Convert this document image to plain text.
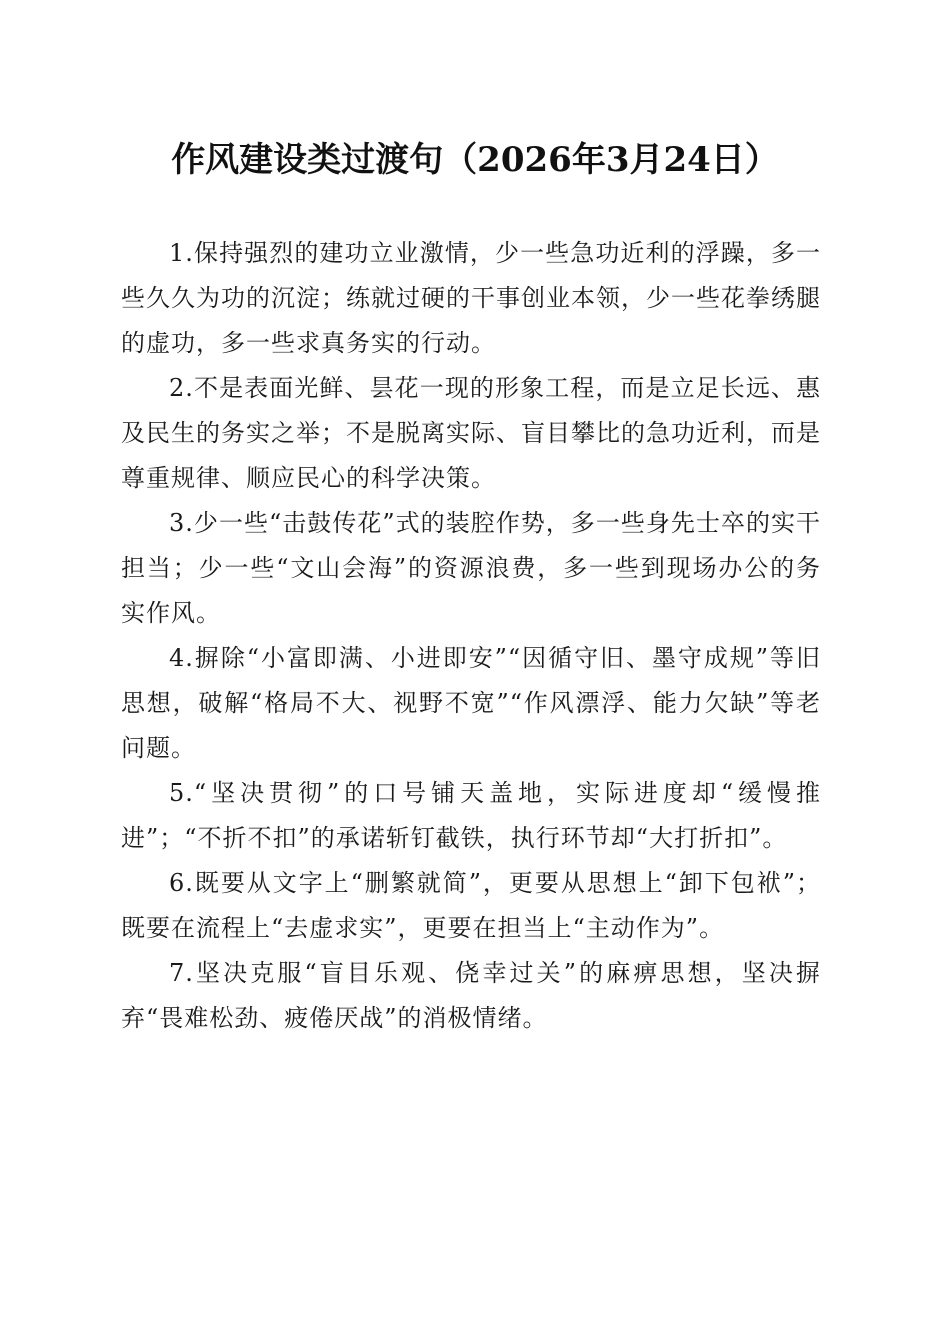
作风建设类过渡句（2026年3月24日）

1.保持强烈的建功立业激情，少一些急功近利的浮躁，多一些久久为功的沉淀；练就过硬的干事创业本领，少一些花拳绣腿的虚功，多一些求真务实的行动。

2.不是表面光鲜、昙花一现的形象工程，而是立足长远、惠及民生的务实之举；不是脱离实际、盲目攀比的急功近利，而是尊重规律、顺应民心的科学决策。

3.少一些“击鼓传花”式的装腔作势，多一些身先士卒的实干担当；少一些“文山会海”的资源浪费，多一些到现场办公的务实作风。

4.摒除“小富即满、小进即安”“因循守旧、墨守成规”等旧思想，破解“格局不大、视野不宽”“作风漂浮、能力欠缺”等老问题。

5.“坚决贯彻”的口号铺天盖地，实际进度却“缓慢推进”；“不折不扣”的承诺斩钉截铁，执行环节却“大打折扣”。

6.既要从文字上“删繁就简”，更要从思想上“卸下包袱”；既要在流程上“去虚求实”，更要在担当上“主动作为”。

7.坚决克服“盲目乐观、侥幸过关”的麻痹思想，坚决摒弃“畏难松劲、疲倦厌战”的消极情绪。
